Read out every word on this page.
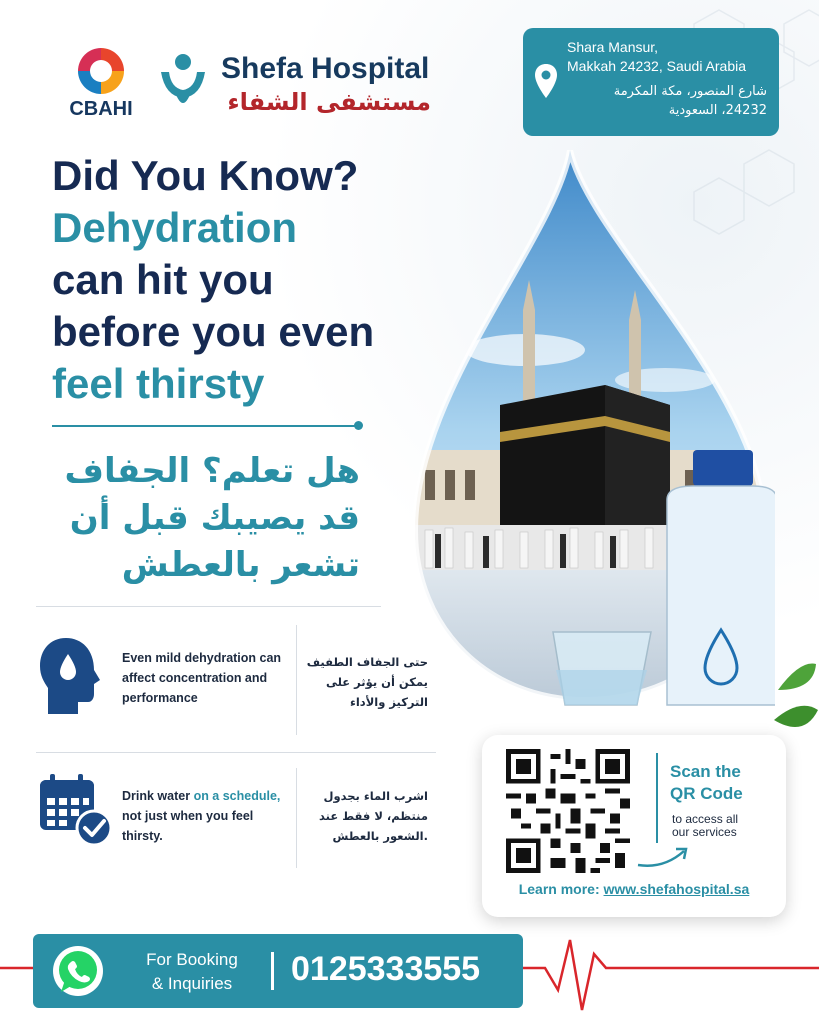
CBAHI
Shefa Hospital
مستشفى الشفاء
Shara Mansur,
Makkah 24232, Saudi Arabia
شارع المنصور، مكة المكرمة
24232، السعودية
Did You Know?
Dehydration
can hit you
before you even
feel thirsty
هل تعلم؟ الجفاف
قد يصيبك قبل أن
تشعر بالعطش
Even mild dehydration can affect concentration and performance
حتى الجفاف الطفيف
يمكن أن يؤثر على
التركيز والأداء
Drink water on a schedule, not just when you feel thirsty.
اشرب الماء بجدول
منتظم، لا فقط عند
.الشعور بالعطش
Scan the
QR Code
to access all
our services
Learn more: www.shefahospital.sa
For Booking
& Inquiries	0125333555
